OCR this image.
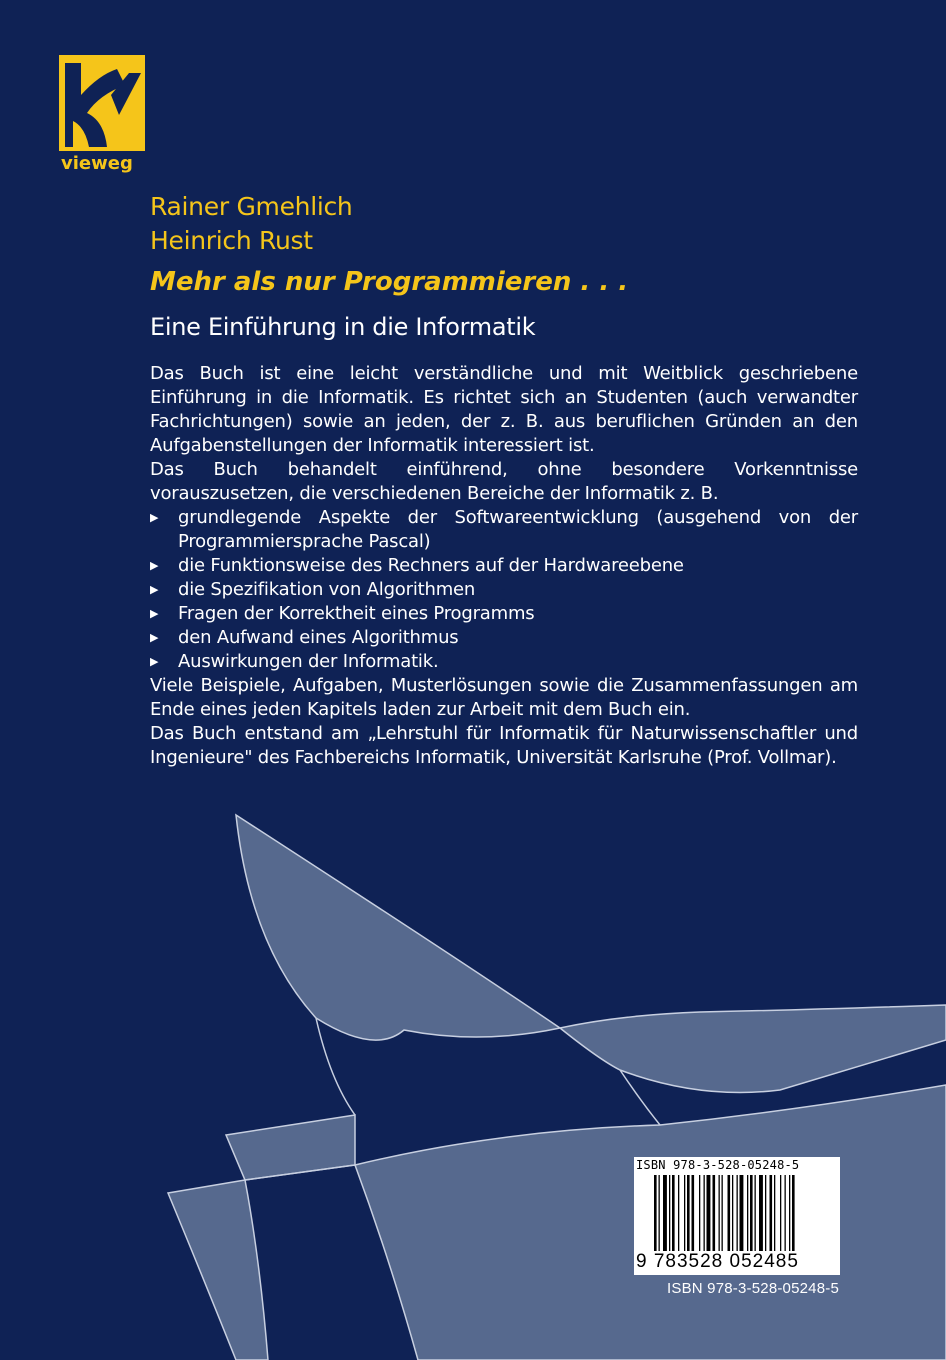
vieweg
Rainer Gmehlich
Heinrich Rust
Mehr als nur Programmieren . . .
Eine Einführung in die Informatik

Das Buch ist eine leicht verständliche und mit Weitblick geschriebene Einführung in die Informatik. Es richtet sich an Studenten (auch verwandter Fachrichtungen) sowie an jeden, der z. B. aus beruflichen Gründen an den Aufgabenstellungen der Informatik interessiert ist.

Das Buch behandelt einführend, ohne besondere Vorkenntnisse vorauszusetzen, die verschiedenen Bereiche der Informatik z. B.

▶ grundlegende Aspekte der Softwareentwicklung (ausgehend von der Programmiersprache Pascal)
▶ die Funktionsweise des Rechners auf der Hardwareebene
▶ die Spezifikation von Algorithmen
▶ Fragen der Korrektheit eines Programms
▶ den Aufwand eines Algorithmus
▶ Auswirkungen der Informatik.

Viele Beispiele, Aufgaben, Musterlösungen sowie die Zusammenfassungen am Ende eines jeden Kapitels laden zur Arbeit mit dem Buch ein.

Das Buch entstand am „Lehrstuhl für Informatik für Naturwissenschaftler und Ingenieure" des Fachbereichs Informatik, Universität Karlsruhe (Prof. Vollmar).

ISBN 978-3-528-05248-5
9 783528 052485
ISBN 978-3-528-05248-5
